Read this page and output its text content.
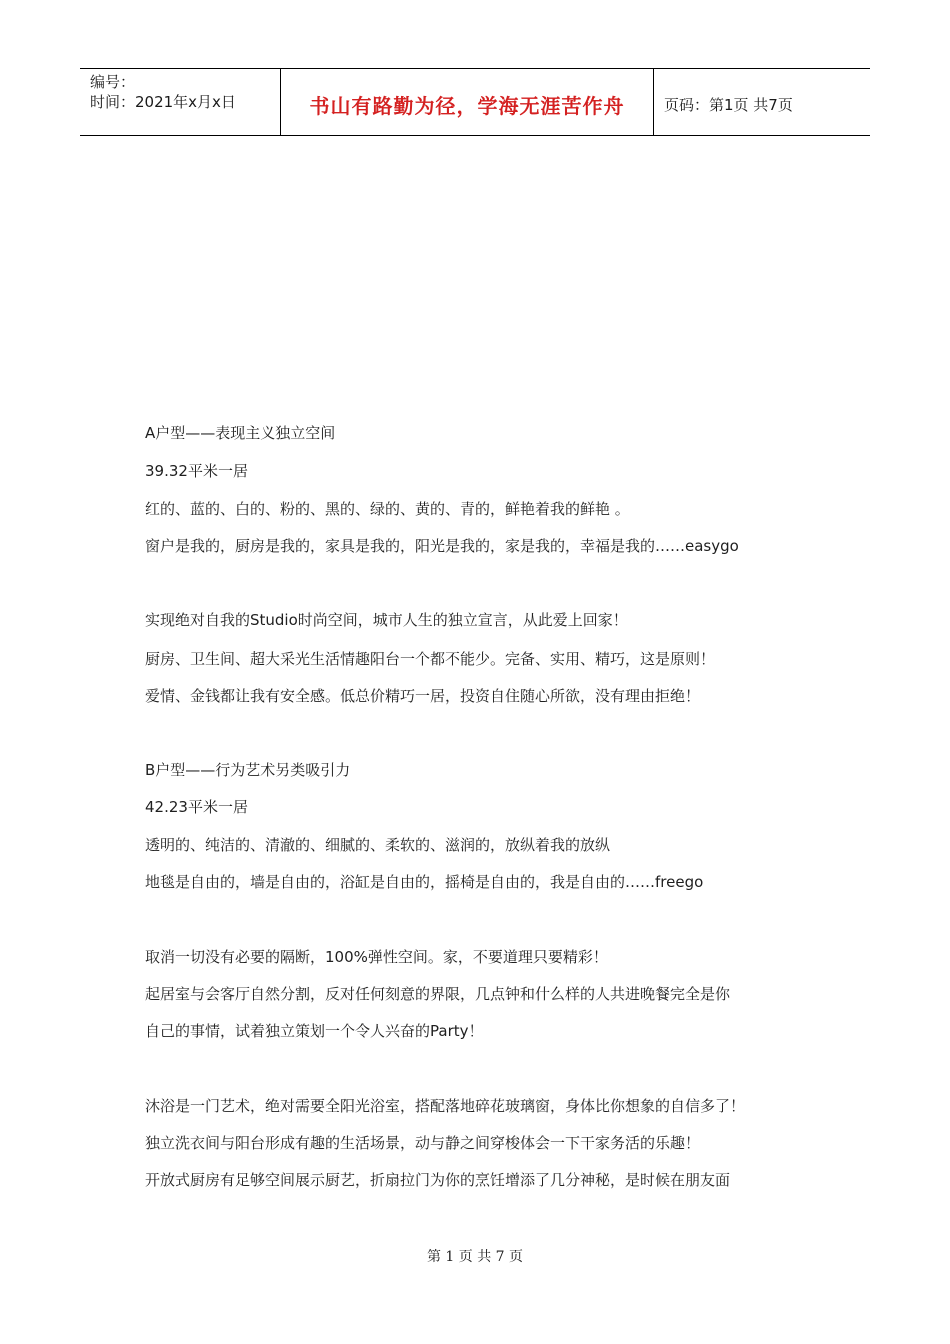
编号：
时间：2021年x月x日	书山有路勤为径，学海无涯苦作舟	页码：第1页 共7页
A户型——表现主义独立空间
39.32平米一居
红的、蓝的、白的、粉的、黑的、绿的、黄的、青的，鲜艳着我的鲜艳 。
窗户是我的，厨房是我的，家具是我的，阳光是我的，家是我的，幸福是我的……easygo
实现绝对自我的Studio时尚空间，城市人生的独立宣言，从此爱上回家！
厨房、卫生间、超大采光生活情趣阳台一个都不能少。完备、实用、精巧，这是原则！
爱情、金钱都让我有安全感。低总价精巧一居，投资自住随心所欲，没有理由拒绝！
B户型——行为艺术另类吸引力
42.23平米一居
透明的、纯洁的、清澈的、细腻的、柔软的、滋润的，放纵着我的放纵
地毯是自由的，墙是自由的，浴缸是自由的，摇椅是自由的，我是自由的……freego
取消一切没有必要的隔断，100%弹性空间。家，不要道理只要精彩！
起居室与会客厅自然分割，反对任何刻意的界限，几点钟和什么样的人共进晚餐完全是你
自己的事情，试着独立策划一个令人兴奋的Party！
沐浴是一门艺术，绝对需要全阳光浴室，搭配落地碎花玻璃窗，身体比你想象的自信多了！
独立洗衣间与阳台形成有趣的生活场景，动与静之间穿梭体会一下干家务活的乐趣！
开放式厨房有足够空间展示厨艺，折扇拉门为你的烹饪增添了几分神秘，是时候在朋友面
第 1 页 共 7 页
